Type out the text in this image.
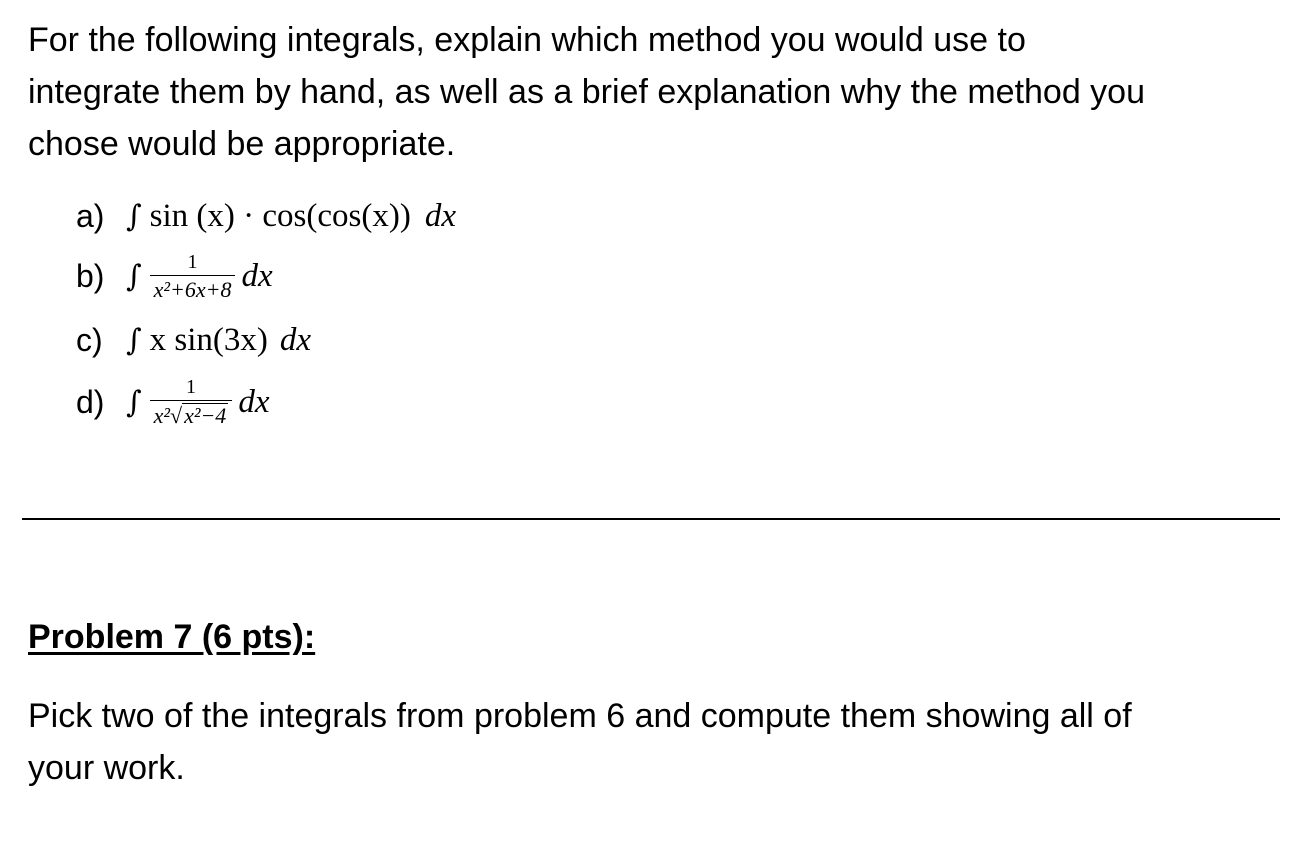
For the following integrals, explain which method you would use to
integrate them by hand, as well as a brief explanation why the method you
chose would be appropriate.
a) ∫ sin (x) · cos(cos(x)) dx
b) ∫ $\frac{1}{\text{x²+6x+8}}$ dx
c) ∫ x sin(3x) dx
d) ∫ $\frac{1}{\text{x² √ x²−4}}$ dx
Problem 7 (6 pts):
Pick two of the integrals from problem 6 and compute them showing all of
your work.
